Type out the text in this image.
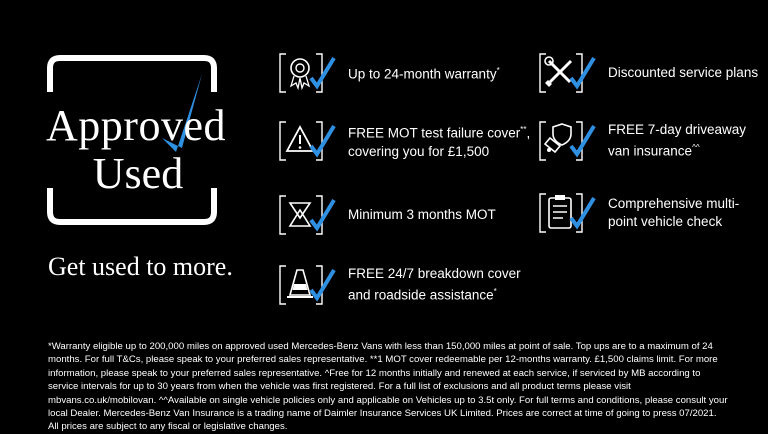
Approved
Used
Get used to more.
Up to 24-month warranty*
FREE MOT test failure cover**,
covering you for £1,500
Minimum 3 months MOT
FREE 24/7 breakdown cover
and roadside assistance*
Discounted service plans
FREE 7-day driveaway
van insurance^^
Comprehensive multi-
point vehicle check
*Warranty eligible up to 200,000 miles on approved used Mercedes-Benz Vans with less than 150,000 miles at point of sale. Top ups are to a maximum of 24 months. For full T&Cs, please speak to your preferred sales representative. **1 MOT cover redeemable per 12-months warranty. £1,500 claims limit. For more information, please speak to your preferred sales representative. ^Free for 12 months initially and renewed at each service, if serviced by MB according to service intervals for up to 30 years from when the vehicle was first registered. For a full list of exclusions and all product terms please visit mbvans.co.uk/mobilovan. ^^Available on single vehicle policies only and applicable on Vehicles up to 3.5t only. For full terms and conditions, please consult your local Dealer. Mercedes-Benz Van Insurance is a trading name of Daimler Insurance Services UK Limited. Prices are correct at time of going to press 07/2021. All prices are subject to any fiscal or legislative changes.
